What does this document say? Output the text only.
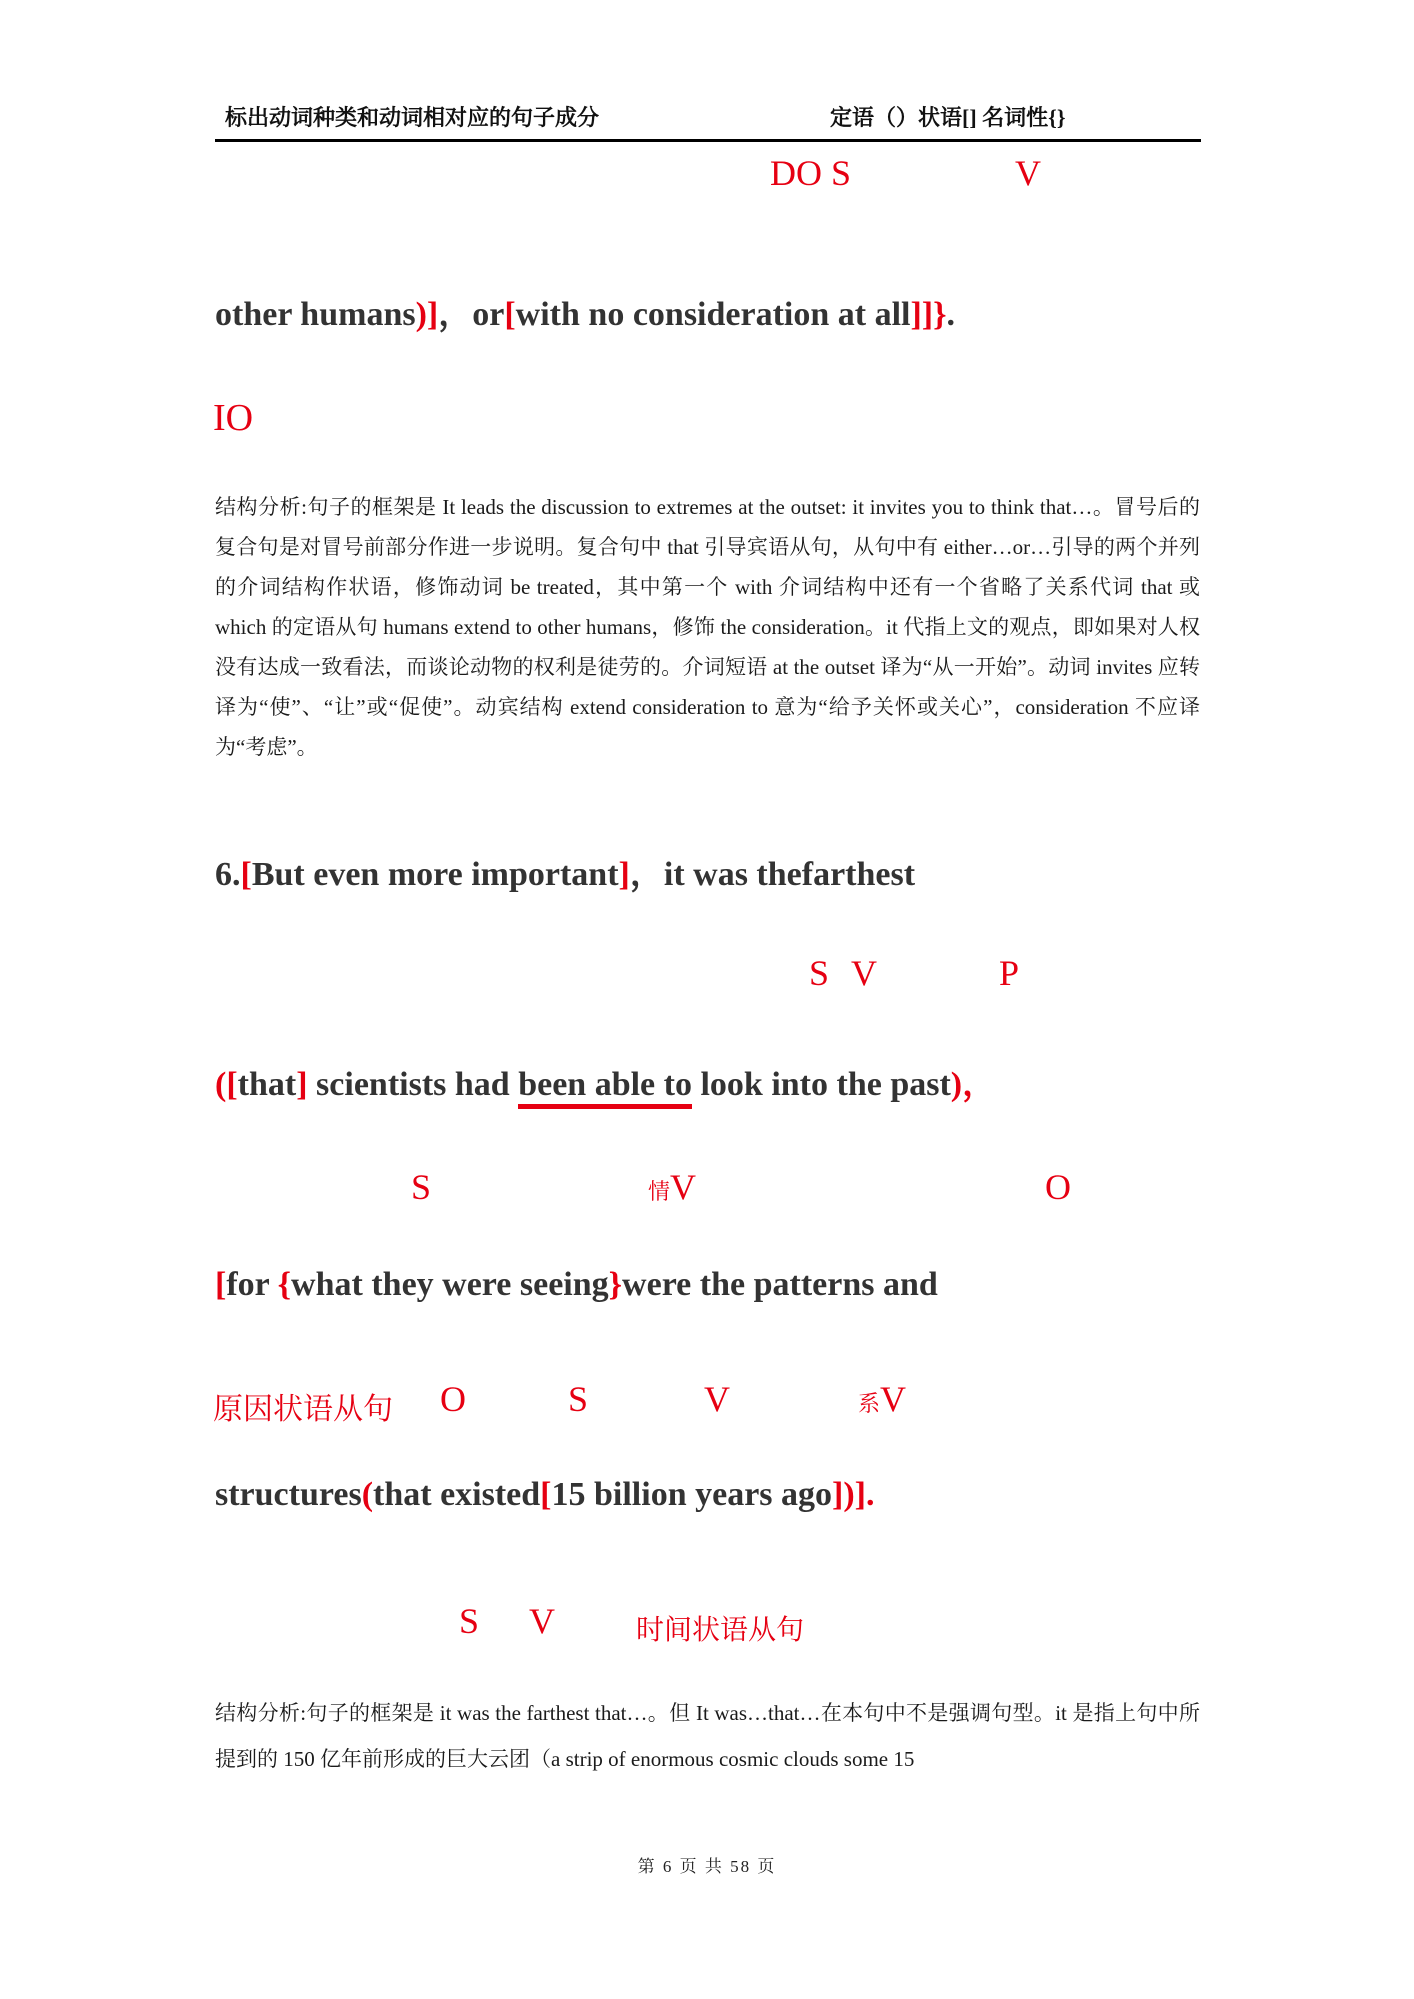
标出动词种类和动词相对应的句子成分	定语（）状语[] 名词性{}
DO S	V
other humans)]，or[with no consideration at all]]}.
IO
结构分析:句子的框架是 It leads the discussion to extremes at the outset: it invites you to think that…。冒号后的复合句是对冒号前部分作进一步说明。复合句中 that 引导宾语从句，从句中有 either…or…引导的两个并列的介词结构作状语，修饰动词 be treated，其中第一个 with 介词结构中还有一个省略了关系代词 that 或 which 的定语从句 humans extend to other humans，修饰 the consideration。it 代指上文的观点，即如果对人权没有达成一致看法，而谈论动物的权利是徒劳的。介词短语 at the outset 译为“从一开始”。动词 invites 应转译为“使”、“让”或“促使”。动宾结构 extend consideration to 意为“给予关怀或关心”，consideration 不应译为“考虑”。
6.[But even more important]，it was thefarthest
S V	P
([that] scientists had been able to look into the past)，
S	情V	O
[for {what they were seeing}were the patterns and
原因状语从句 O	S	V	系V
structures(that existed[15 billion years ago])].
S V	时间状语从句
结构分析:句子的框架是 it was the farthest that…。但 It was…that…在本句中不是强调句型。it 是指上句中所提到的 150 亿年前形成的巨大云团（a strip of enormous cosmic clouds some 15
第 6 页 共 58 页
